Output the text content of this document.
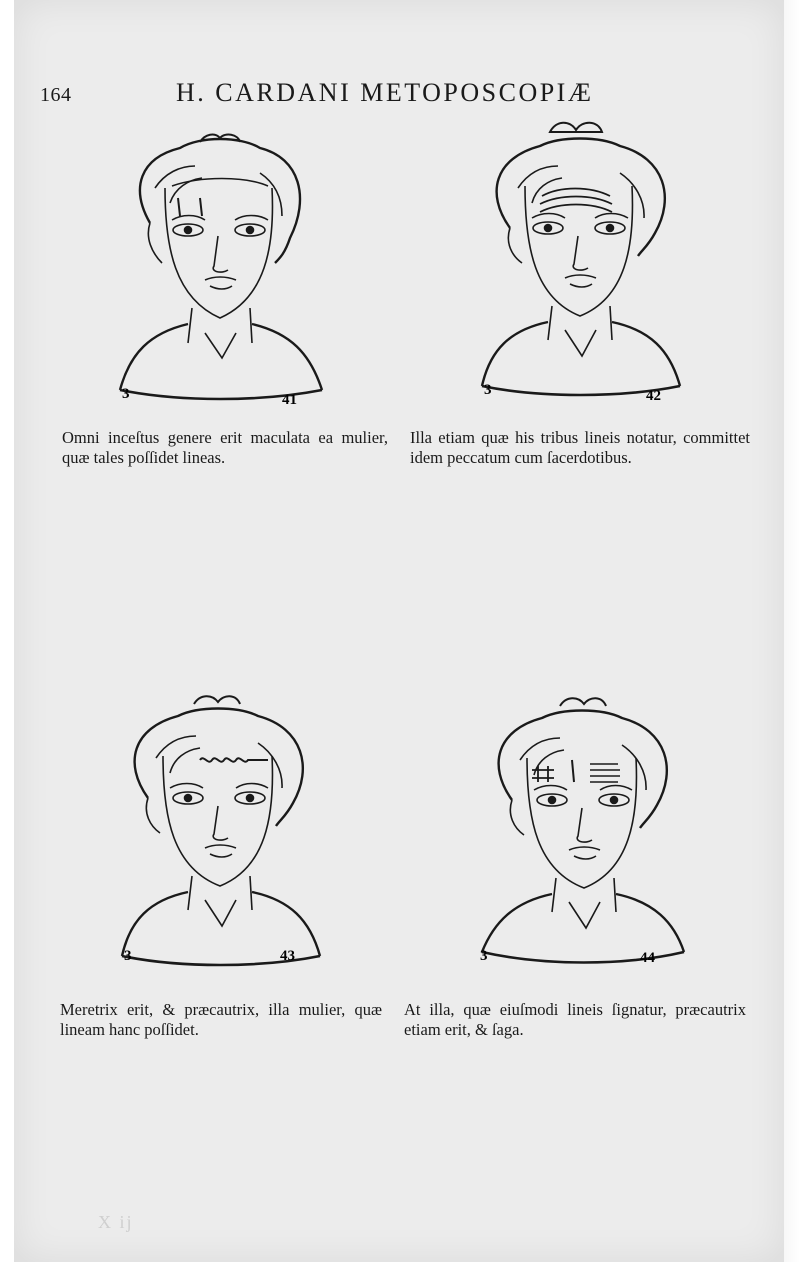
164	H. CARDANI METOPOSCOPIÆ
3	41
3	42

Omni inceſtus genere erit maculata ea mulier, quæ tales poſſidet lineas.

Illa etiam quæ his tribus lineis notatur, committet idem peccatum cum ſacerdotibus.

3	43	3	44

Meretrix erit, & præcautrix, illa mulier, quæ lineam hanc poſſidet.

At illa, quæ eiuſmodi lineis ſignatur, præcautrix etiam erit, & ſaga.

X ij
